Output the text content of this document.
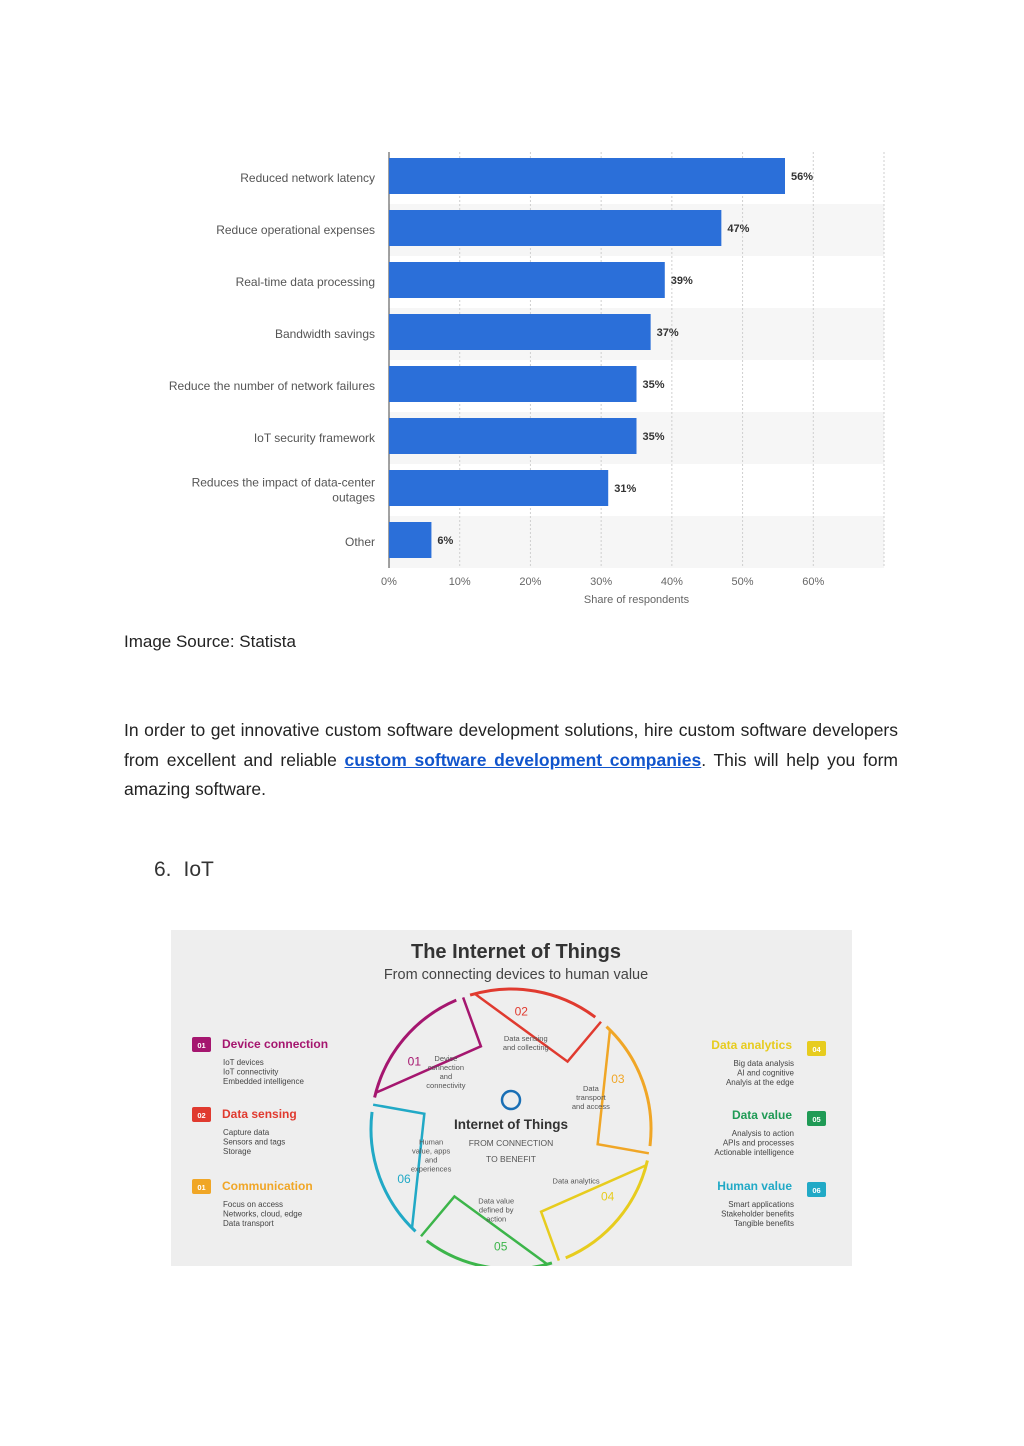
56%
Reduced network latency
47%
Reduce operational expenses
39%
Real-time data processing
37%
Bandwidth savings
35%
Reduce the number of network failures
35%
IoT security framework
31%
Reduces the impact of data-center
outages
6%
Other
0%	10%	20%	30%	40%	50%	60%
Share of respondents
Image Source: Statista

In order to get innovative custom software development solutions, hire custom software developers from excellent and reliable custom software development companies. This will help you form amazing software.

6. IoT
The Internet of Things
From connecting devices to human value
01 Device
connection
and
connectivity
02
Data sensing
and collecting
03
Data
transport
and access
04
Data analytics
05
Data value
defined by
action
06
Human
value, apps
and
experiences
Internet of Things
FROM CONNECTION
TO BENEFIT
01 Device connection
IoT devices
IoT connectivity
Embedded intelligence
02 Data sensing
Capture data
Sensors and tags
Storage
01 Communication
Focus on access
Networks, cloud, edge
Data transport
04
Data analytics
Big data analysis
AI and cognitive
Analyis at the edge
05
Data value
Analysis to action
APIs and processes
Actionable intelligence
06
Human value
Smart applications
Stakeholder benefits
Tangible benefits
